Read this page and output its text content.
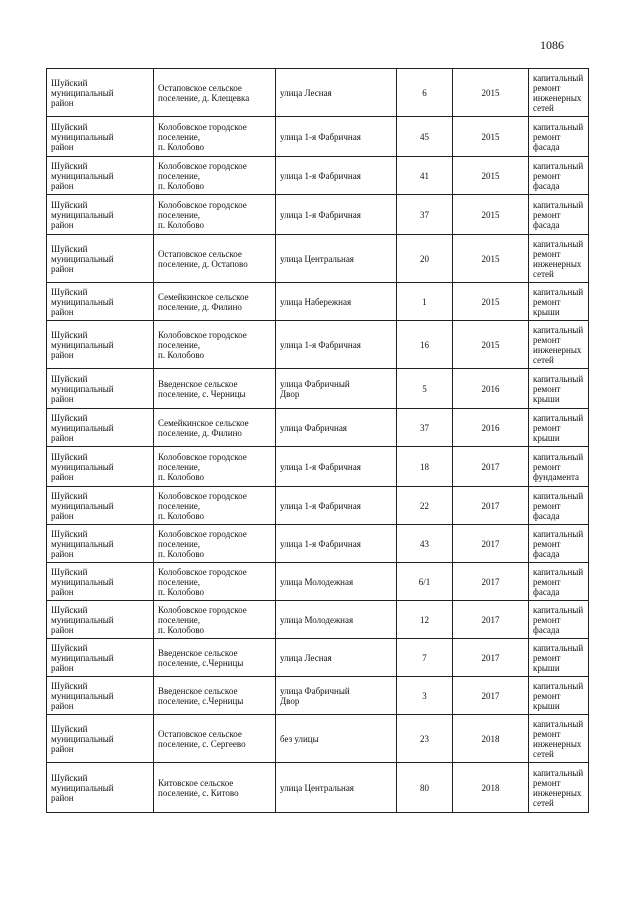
1086
Шуйский
муниципальный
район	Остаповское сельское
поселение, д. Клещевка	улица Лесная	6	2015	капитальный
ремонт
инженерных
сетей

Шуйский
муниципальный
район	Колобовское городское
поселение,
п. Колобово	улица 1-я Фабричная	45	2015	капитальный
ремонт фасада

Шуйский
муниципальный
район	Колобовское городское
поселение,
п. Колобово	улица 1-я Фабричная	41	2015	капитальный
ремонт фасада

Шуйский
муниципальный
район	Колобовское городское
поселение,
п. Колобово	улица 1-я Фабричная	37	2015	капитальный
ремонт фасада

Шуйский
муниципальный
район	Остаповское сельское
поселение, д. Остапово	улица Центральная	20	2015	капитальный
ремонт
инженерных
сетей

Шуйский
муниципальный
район	Семейкинское сельское
поселение, д. Филино	улица Набережная	1	2015	капитальный
ремонт крыши

Шуйский
муниципальный
район	Колобовское городское
поселение,
п. Колобово	улица 1-я Фабричная	16	2015	капитальный
ремонт
инженерных
сетей

Шуйский
муниципальный
район	Введенское сельское
поселение, с. Черницы	улица Фабричный
Двор	5	2016	капитальный
ремонт крыши

Шуйский
муниципальный
район	Семейкинское сельское
поселение, д. Филино	улица Фабричная	37	2016	капитальный
ремонт крыши

Шуйский
муниципальный
район	Колобовское городское
поселение,
п. Колобово	улица 1-я Фабричная	18	2017	капитальный
ремонт
фундамента

Шуйский
муниципальный
район	Колобовское городское
поселение,
п. Колобово	улица 1-я Фабричная	22	2017	капитальный
ремонт фасада

Шуйский
муниципальный
район	Колобовское городское
поселение,
п. Колобово	улица 1-я Фабричная	43	2017	капитальный
ремонт фасада

Шуйский
муниципальный
район	Колобовское городское
поселение,
п. Колобово	улица Молодежная	6/1	2017	капитальный
ремонт фасада

Шуйский
муниципальный
район	Колобовское городское
поселение,
п. Колобово	улица Молодежная	12	2017	капитальный
ремонт фасада

Шуйский
муниципальный
район	Введенское сельское
поселение, с.Черницы	улица Лесная	7	2017	капитальный
ремонт крыши

Шуйский
муниципальный
район	Введенское сельское
поселение, с.Черницы	улица Фабричный
Двор	3	2017	капитальный
ремонт крыши

Шуйский
муниципальный
район	Остаповское сельское
поселение, с. Сергеево	без улицы	23	2018	капитальный
ремонт
инженерных
сетей

Шуйский
муниципальный
район	Китовское сельское
поселение, с. Китово	улица Центральная	80	2018	капитальный
ремонт
инженерных
сетей
